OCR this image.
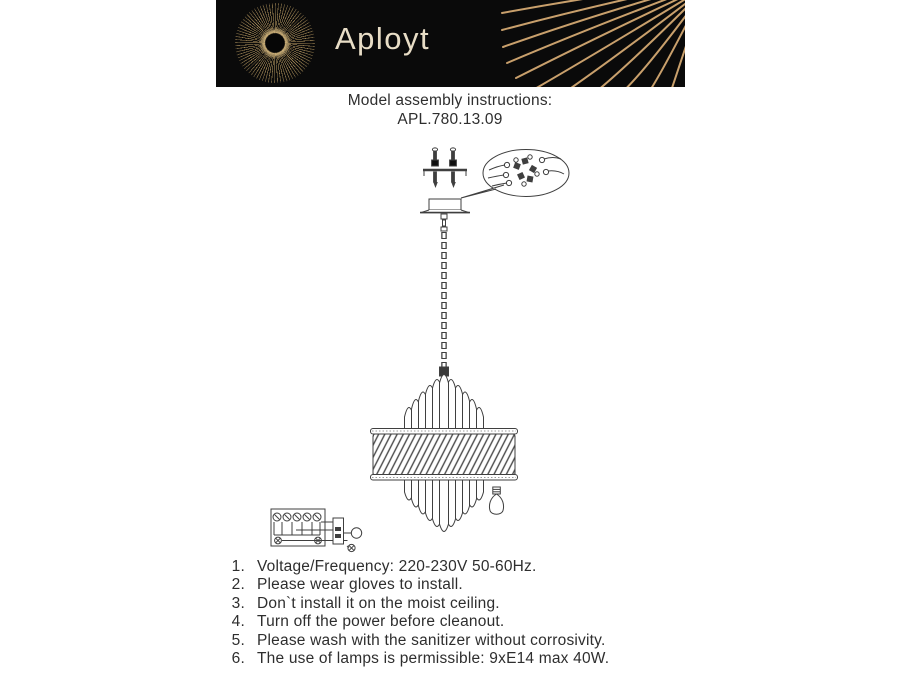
Aployt
Model assembly instructions:
APL.780.13.09
1. Voltage/Frequency: 220-230V 50-60Hz.
2. Please wear gloves to install.
3. Don`t install it on the moist ceiling.
4. Turn off the power before cleanout.
5. Please wash with the sanitizer without corrosivity.
6. The use of lamps is permissible: 9xE14 max 40W.
